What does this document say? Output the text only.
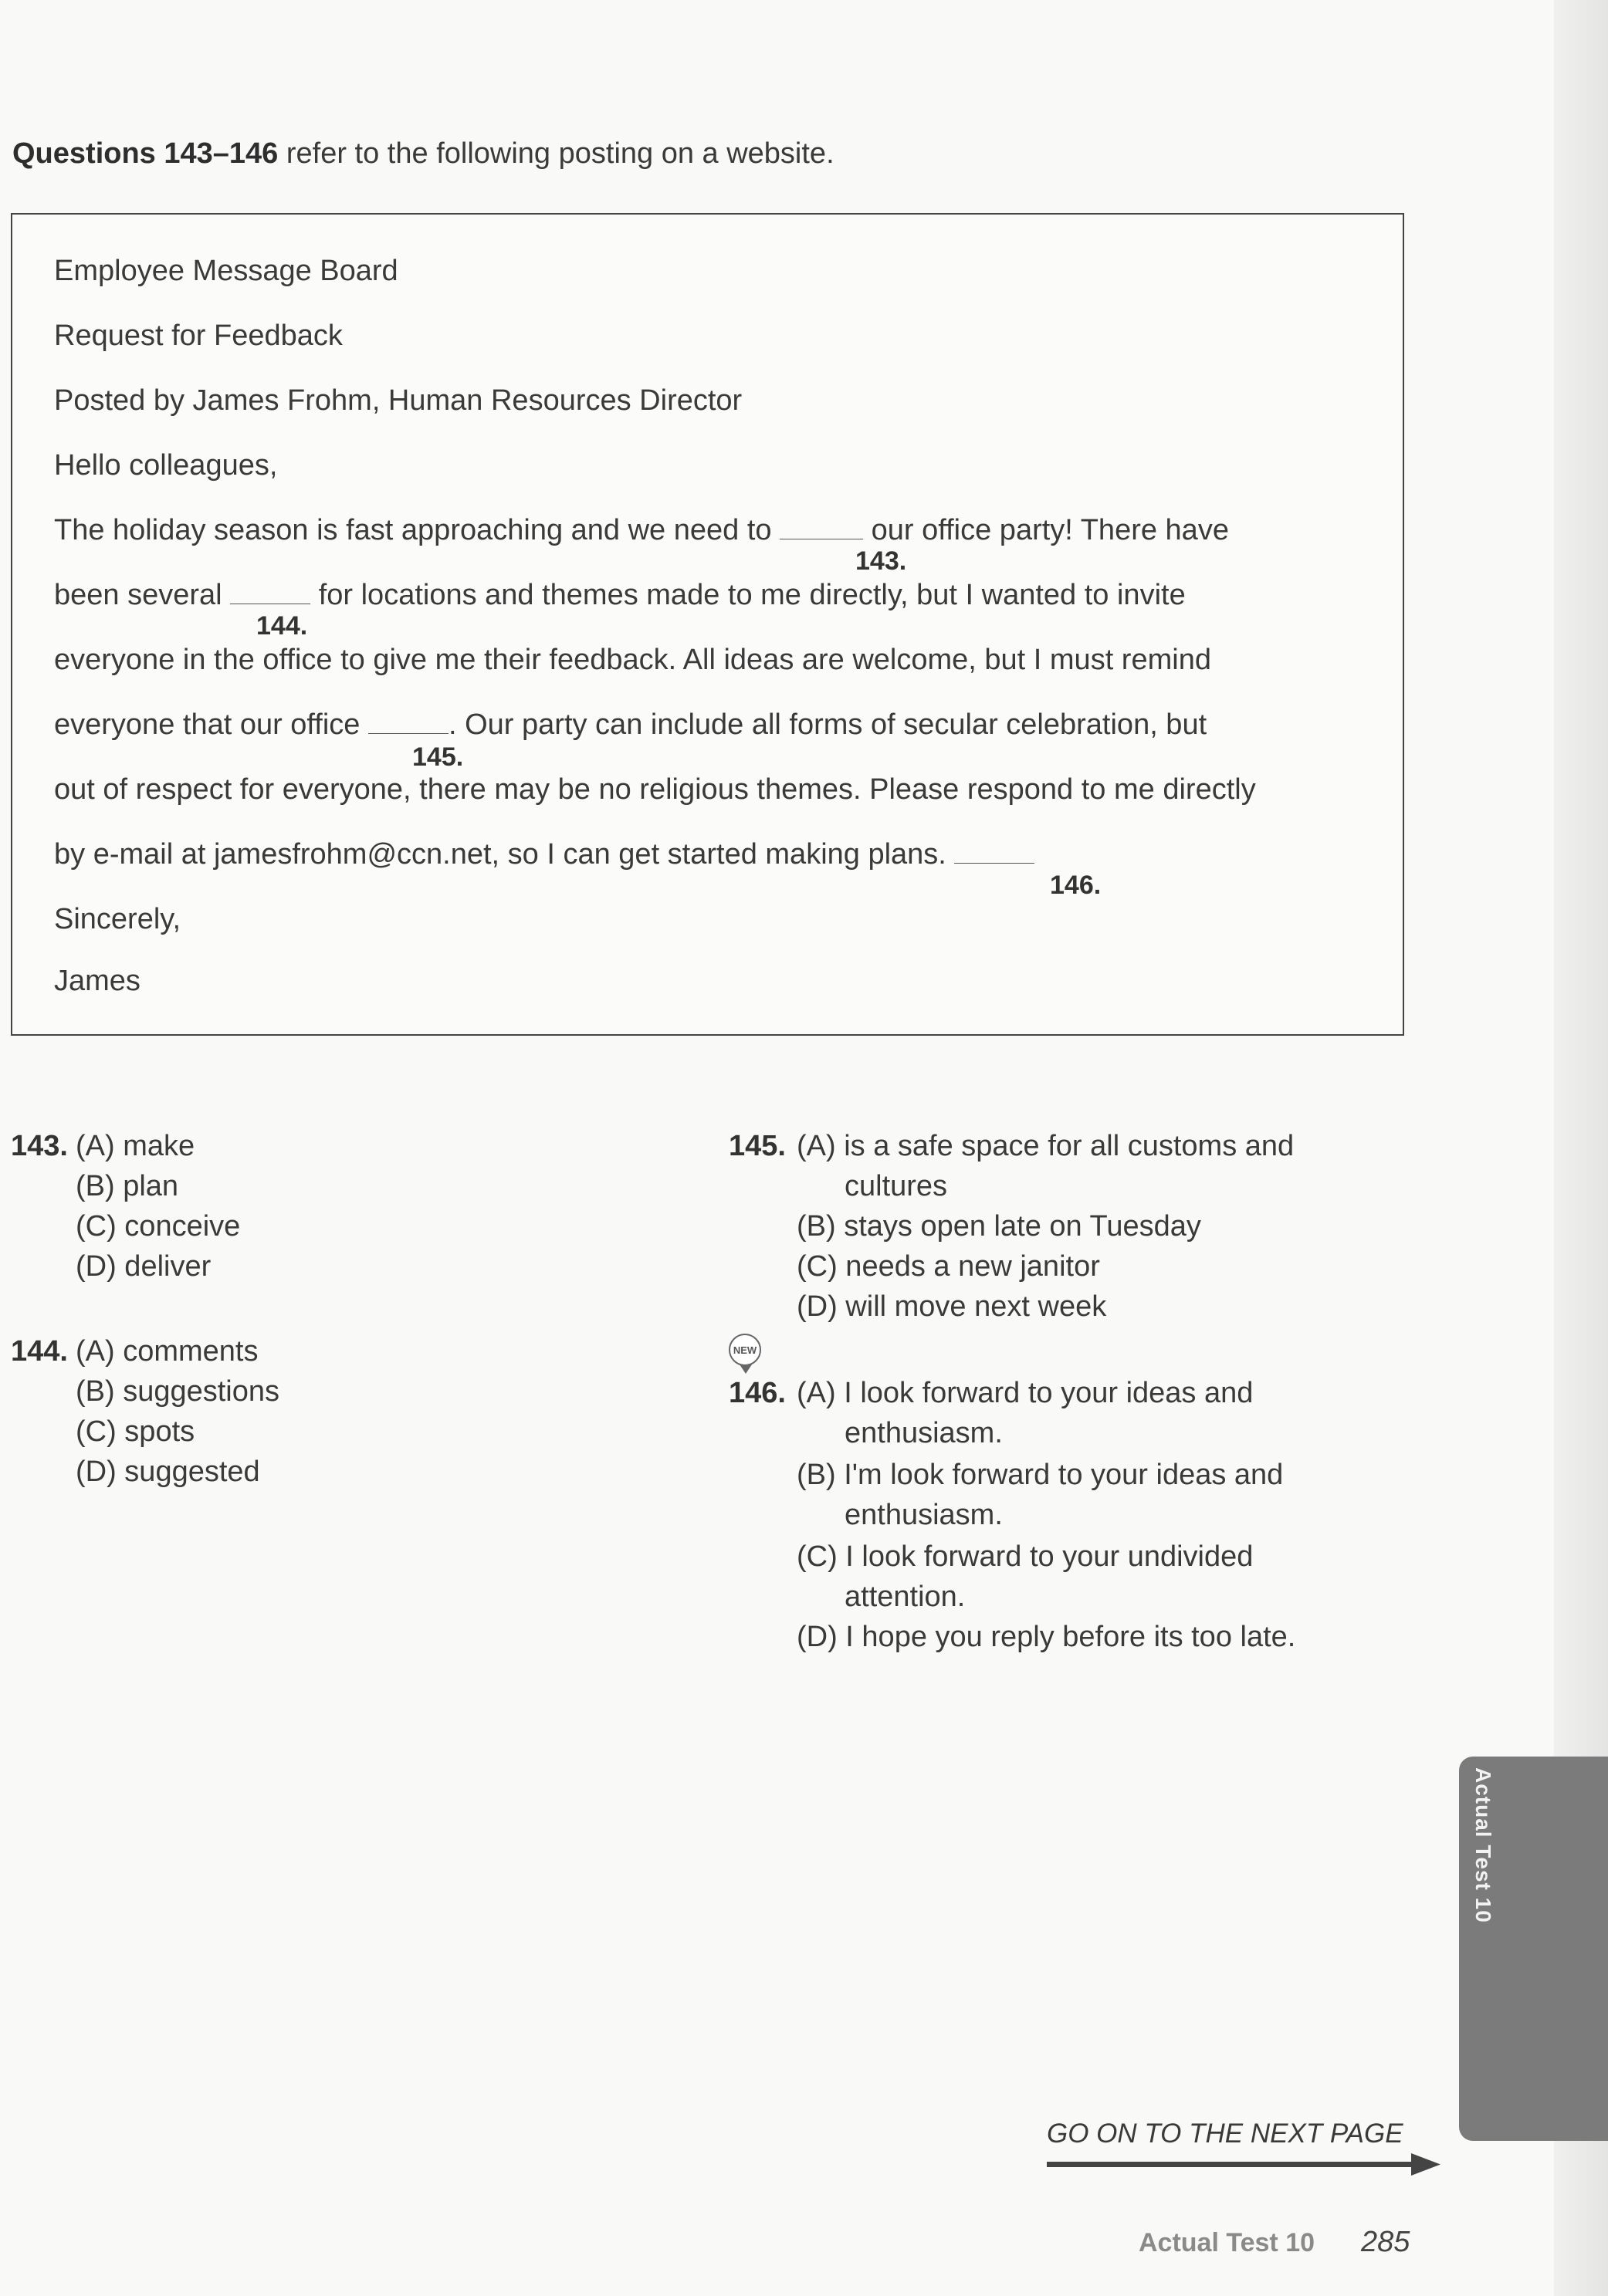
Questions 143–146 refer to the following posting on a website.
Employee Message Board
Request for Feedback
Posted by James Frohm, Human Resources Director
Hello colleagues,
The holiday season is fast approaching and we need to	our office party! There have
143.
been several	for locations and themes made to me directly, but I wanted to invite
144.
everyone in the office to give me their feedback. All ideas are welcome, but I must remind
everyone that our office	. Our party can include all forms of secular celebration, but
145.
out of respect for everyone, there may be no religious themes. Please respond to me directly
by e-mail at jamesfrohm@ccn.net, so I can get started making plans.
146.
Sincerely,
James
143. (A) make
(B) plan
(C) conceive
(D) deliver
144. (A) comments
(B) suggestions
(C) spots
(D) suggested
145. (A) is a safe space for all customs and
cultures
(B) stays open late on Tuesday
(C) needs a new janitor
(D) will move next week
NEW
146. (A) I look forward to your ideas and
enthusiasm.
(B) I'm look forward to your ideas and
enthusiasm.
(C) I look forward to your undivided
attention.
(D) I hope you reply before its too late.
Actual Test 10
GO ON TO THE NEXT PAGE
Actual Test 10 285
